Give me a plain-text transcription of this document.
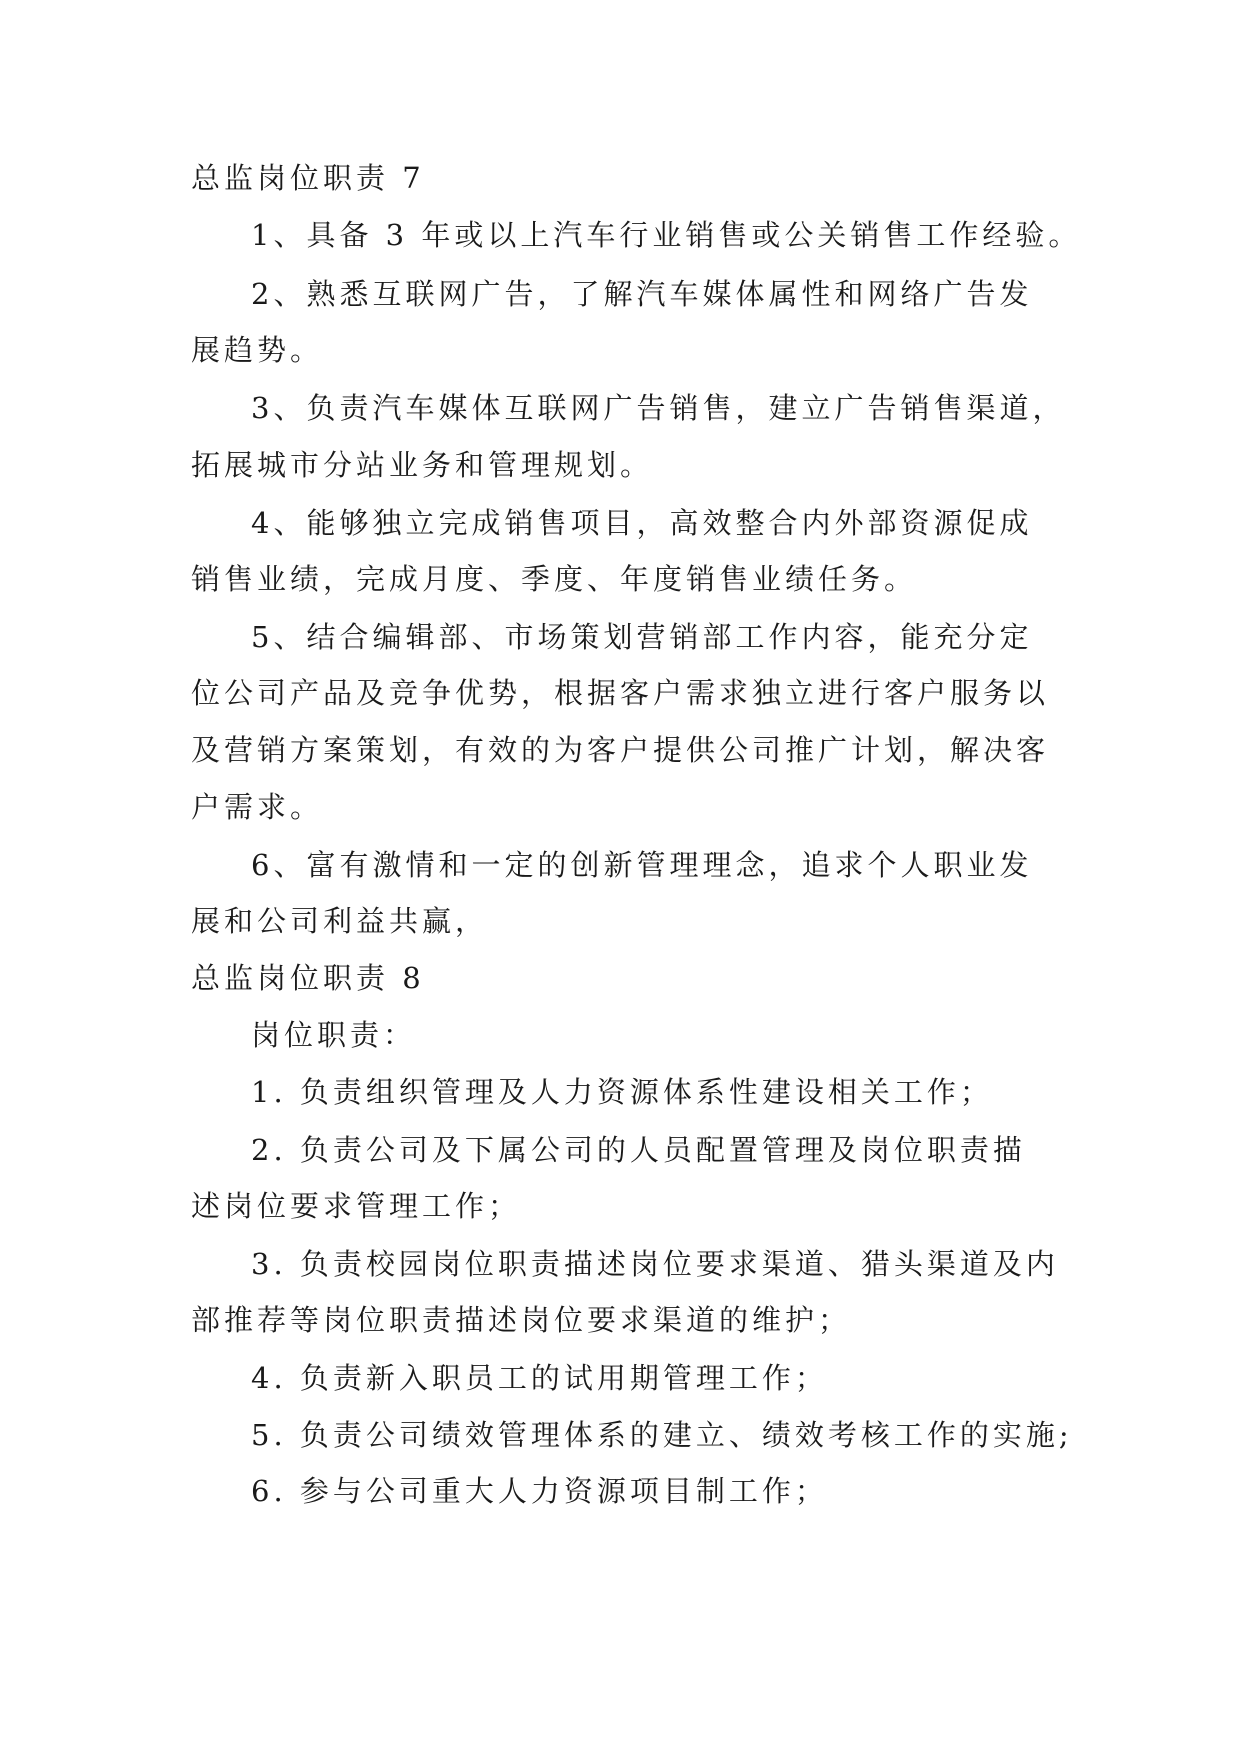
总监岗位职责 7
1、具备 3 年或以上汽车行业销售或公关销售工作经验。
2、熟悉互联网广告，了解汽车媒体属性和网络广告发
展趋势。
3、负责汽车媒体互联网广告销售，建立广告销售渠道，
拓展城市分站业务和管理规划。
4、能够独立完成销售项目，高效整合内外部资源促成
销售业绩，完成月度、季度、年度销售业绩任务。
5、结合编辑部、市场策划营销部工作内容，能充分定
位公司产品及竞争优势，根据客户需求独立进行客户服务以
及营销方案策划，有效的为客户提供公司推广计划，解决客
户需求。
6、富有激情和一定的创新管理理念，追求个人职业发
展和公司利益共赢，
总监岗位职责 8
岗位职责：
1. 负责组织管理及人力资源体系性建设相关工作；
2. 负责公司及下属公司的人员配置管理及岗位职责描
述岗位要求管理工作；
3. 负责校园岗位职责描述岗位要求渠道、猎头渠道及内
部推荐等岗位职责描述岗位要求渠道的维护；
4. 负责新入职员工的试用期管理工作；
5. 负责公司绩效管理体系的建立、绩效考核工作的实施;
6. 参与公司重大人力资源项目制工作；
